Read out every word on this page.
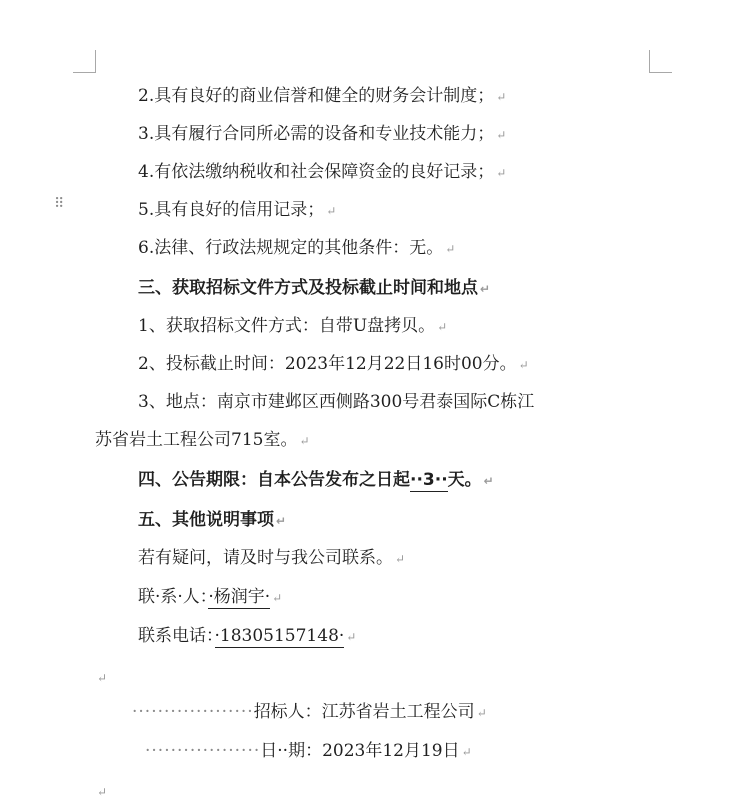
⠿
2.具有良好的商业信誉和健全的财务会计制度； ↵
3.具有履行合同所必需的设备和专业技术能力； ↵
4.有依法缴纳税收和社会保障资金的良好记录； ↵
5.具有良好的信用记录； ↵
6.法律、行政法规规定的其他条件：无。 ↵
三、获取招标文件方式及投标截止时间和地点 ↵
1、获取招标文件方式：自带U盘拷贝。 ↵
2、投标截止时间：2023年12月22日16时00分。 ↵
3、地点：南京市建邺区西侧路300号君泰国际C栋江
苏省岩土工程公司715室。 ↵
四、公告期限：自本公告发布之日起··3··天。 ↵
五、其他说明事项 ↵
若有疑问，请及时与我公司联系。 ↵
联·系·人：·杨润宇· ↵
联系电话：·18305157148· ↵
↵
···················招标人：江苏省岩土工程公司 ↵
··················日··期：2023年12月19日 ↵
↵
